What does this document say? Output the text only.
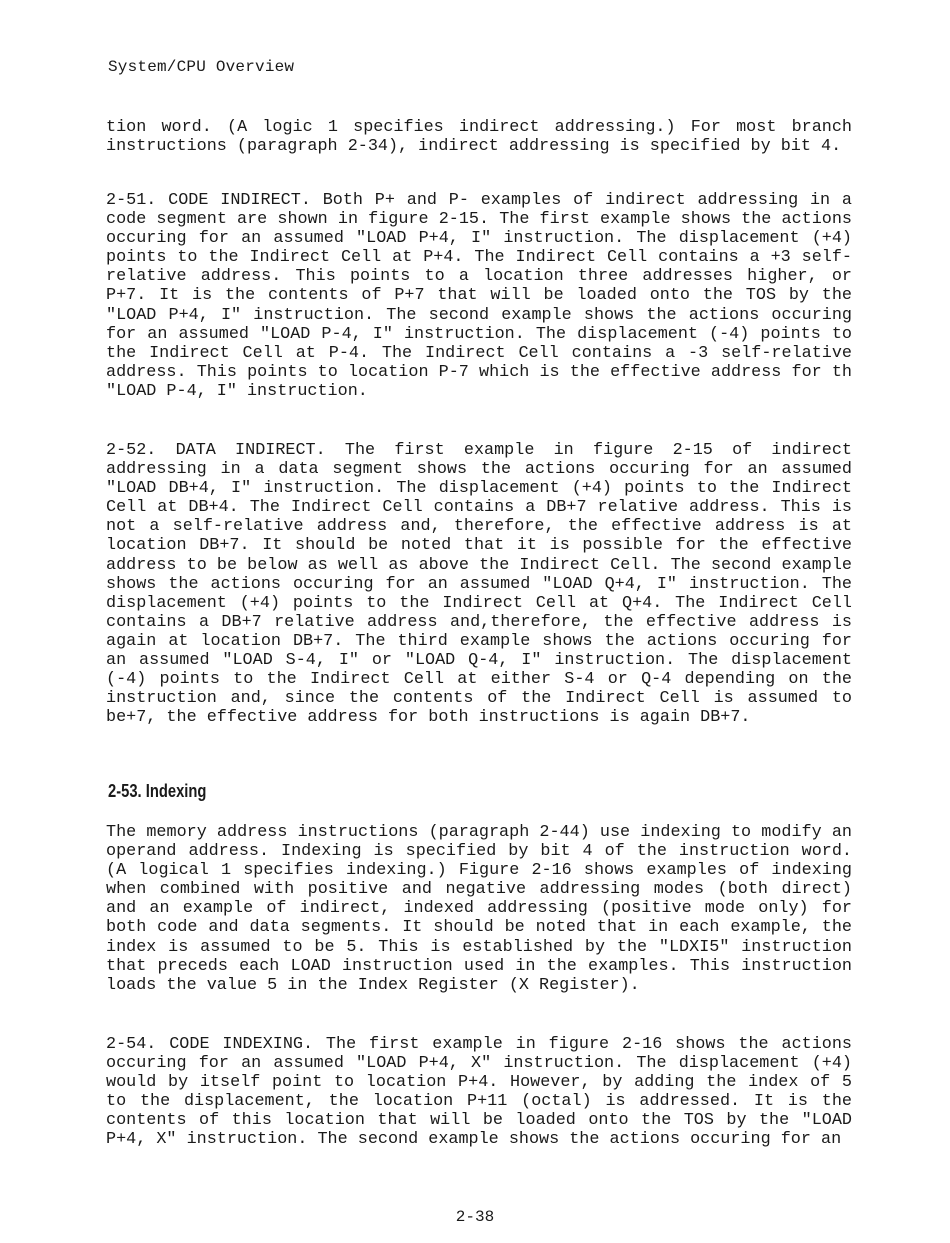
System/CPU Overview

tion word. (A logic 1 specifies indirect addressing.) For most branch instructions (paragraph 2-34), indirect addressing is specified by bit 4.

2-51. CODE INDIRECT. Both P+ and P- examples of indirect addressing in a code segment are shown in figure 2-15. The first example shows the actions occuring for an assumed "LOAD P+4, I" instruction. The displacement (+4) points to the Indirect Cell at P+4. The Indirect Cell contains a +3 self-relative address. This points to a location three addresses higher, or P+7. It is the contents of P+7 that will be loaded onto the TOS by the "LOAD P+4, I" instruction. The second example shows the actions occuring for an assumed "LOAD P-4, I" instruction. The displacement (-4) points to the Indirect Cell at P-4. The Indirect Cell contains a -3 self-relative address. This points to location P-7 which is the effective address for th "LOAD P-4, I" instruction.

2-52. DATA INDIRECT. The first example in figure 2-15 of indirect addressing in a data segment shows the actions occuring for an assumed "LOAD DB+4, I" instruction. The displacement (+4) points to the Indirect Cell at DB+4. The Indirect Cell contains a DB+7 relative address. This is not a self-relative address and, therefore, the effective address is at location DB+7. It should be noted that it is possible for the effective address to be below as well as above the Indirect Cell. The second example shows the actions occuring for an assumed "LOAD Q+4, I" instruction. The displacement (+4) points to the Indirect Cell at Q+4. The Indirect Cell contains a DB+7 relative address and,therefore, the effective address is again at location DB+7. The third example shows the actions occuring for an assumed "LOAD S-4, I" or "LOAD Q-4, I" instruction. The displacement (-4) points to the Indirect Cell at either S-4 or Q-4 depending on the instruction and, since the contents of the Indirect Cell is assumed to be+7, the effective address for both instructions is again DB+7.

2-53. Indexing

The memory address instructions (paragraph 2-44) use indexing to modify an operand address. Indexing is specified by bit 4 of the instruction word. (A logical 1 specifies indexing.) Figure 2-16 shows examples of indexing when combined with positive and negative addressing modes (both direct) and an example of indirect, indexed addressing (positive mode only) for both code and data segments. It should be noted that in each example, the index is assumed to be 5. This is established by the "LDXI5" instruction that preceds each LOAD instruction used in the examples. This instruction loads the value 5 in the Index Register (X Register).

2-54. CODE INDEXING. The first example in figure 2-16 shows the actions occuring for an assumed "LOAD P+4, X" instruction. The displacement (+4) would by itself point to location P+4. However, by adding the index of 5 to the displacement, the location P+11 (octal) is addressed. It is the contents of this location that will be loaded onto the TOS by the "LOAD P+4, X" instruction. The second example shows the actions occuring for an

2-38
